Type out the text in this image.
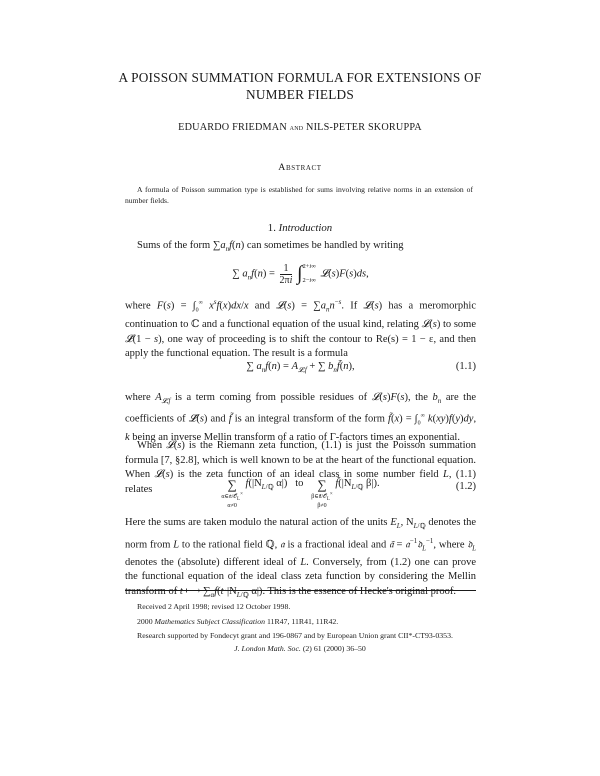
A POISSON SUMMATION FORMULA FOR EXTENSIONS OF
NUMBER FIELDS
EDUARDO FRIEDMAN and NILS-PETER SKORUPPA
Abstract
A formula of Poisson summation type is established for sums involving relative norms in an extension of number fields.
1. Introduction
Sums of the form $\sum a_nf(n)$ can sometimes be handled by writing
∑ $a_nf(n) = \frac{1}{2\pi i}$ ∫ 2+i∞
2−i∞
𝓛(s)F(s)ds,
where $F(s) = \int_0^\infty$ $x^sf(x)dx/x$ and 𝓛(s) = $\sum a_nn^{-s}$. If 𝓛(s) has a meromorphic continuation to ℂ and a functional equation of the usual kind, relating 𝓛(s) to some 𝓛̃(1 − s), one way of proceeding is to shift the contour to Re(s) = 1 − ε, and then apply the functional equation. The result is a formula
∑ $a_nf(n) = A_{𝓛,f}$ + ∑ $b_nf̃(n)$,	(1.1)
where $A_{𝓛,f}$ is a term coming from possible residues of 𝓛(s)F(s), the $b_n$ are the coefficients of 𝓛̃(s) and f̃ is an integral transform of the form f̃(x) = $\int_0^\infty$ k(xy)f(y)dy, k being an inverse Mellin transform of a ratio of Γ-factors times an exponential.
When 𝓛(s) is the Riemann zeta function, (1.1) is just the Poisson summation formula [7, §2.8], which is well known to be at the heart of the functional equation. When 𝓛(s) is the zeta function of an ideal class in some number field L, (1.1) relates	∑
α∈𝔞/𝒪$_L$×
α≠0
$f(|N_{L/ℚ}$ α|)   to	∑
β∈𝔞̃/𝒪$_L$×
β≠0
$f̃(|N_{L/ℚ}$ β|).	(1.2)
Here the sums are taken modulo the natural action of the units $E_L$, $N_{L/ℚ}$ denotes the norm from L to the rational field ℚ, 𝔞 is a fractional ideal and 𝔞̃ = 𝔞$^{-1}$𝔡$_L^{-1}$, where 𝔡$_L$ denotes the (absolute) different ideal of L. Conversely, from (1.2) one can prove the functional equation of the ideal class zeta function by considering the Mellin transform of t ⟼ $\sum_\alpha f(t\cdot|N_{L/ℚ}$ α|). This is the essence of Hecke's original proof.
Received 2 April 1998; revised 12 October 1998.
2000 Mathematics Subject Classification 11R47, 11R41, 11R42.
Research supported by Fondecyt grant and 196-0867 and by European Union grant CII*-CT93-0353.
J. London Math. Soc. (2) 61 (2000) 36–50
